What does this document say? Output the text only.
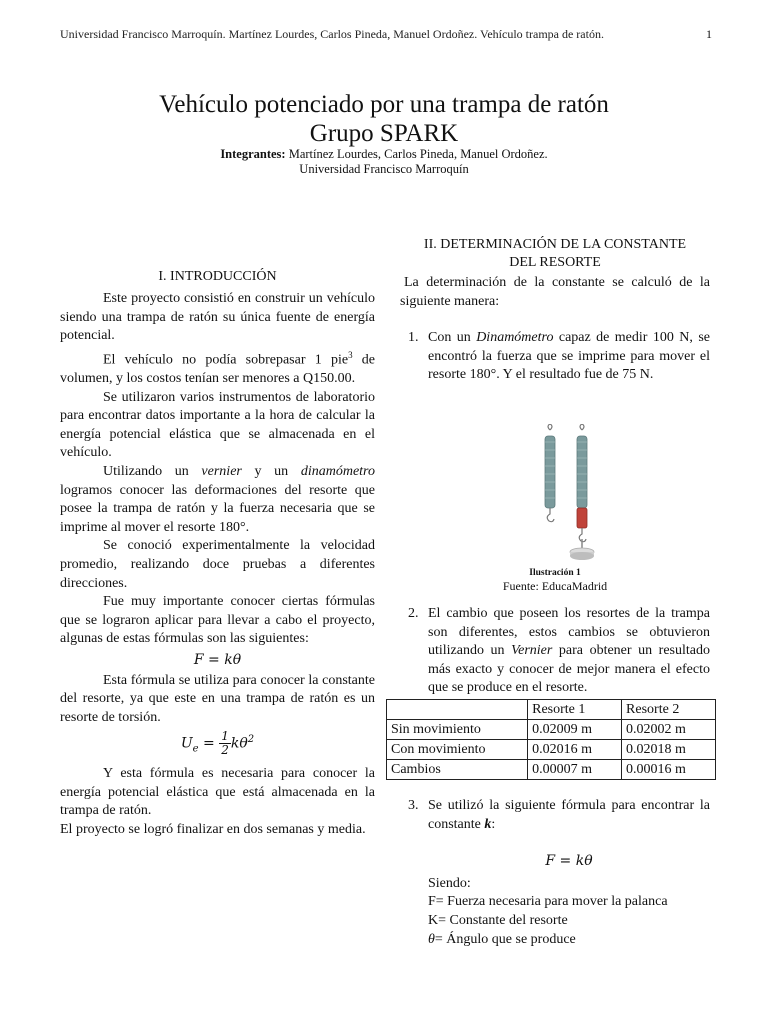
Universidad Francisco Marroquín. Martínez Lourdes, Carlos Pineda, Manuel Ordoñez. Vehículo trampa de ratón.	1
Vehículo potenciado por una trampa de ratón
Grupo SPARK
Integrantes: Martínez Lourdes, Carlos Pineda, Manuel Ordoñez.
Universidad Francisco Marroquín
I. INTRODUCCIÓN

Este proyecto consistió en construir un vehículo siendo una trampa de ratón su única fuente de energía potencial.

El vehículo no podía sobrepasar 1 pie$^3$ de volumen, y los costos tenían ser menores a Q150.00.

Se utilizaron varios instrumentos de laboratorio para encontrar datos importante a la hora de calcular la energía potencial elástica que se almacenada en el vehículo.

Utilizando un vernier y un dinamómetro logramos conocer las deformaciones del resorte que posee la trampa de ratón y la fuerza necesaria que se imprime al mover el resorte 180°.

Se conoció experimentalmente la velocidad promedio, realizando doce pruebas a diferentes direcciones.

Fue muy importante conocer ciertas fórmulas que se lograron aplicar para llevar a cabo el proyecto, algunas de estas fórmulas son las siguientes:

F = kθ

Esta fórmula se utiliza para conocer la constante del resorte, ya que este en una trampa de ratón es un resorte de torsión.

$U_e = \frac{1}{2} k\theta^2$

Y esta fórmula es necesaria para conocer la energía potencial elástica que está almacenada en la trampa de ratón.

El proyecto se logró finalizar en dos semanas y media.

II. DETERMINACIÓN DE LA CONSTANTE
DEL RESORTE

La determinación de la constante se calculó de la siguiente manera:

1. Con un Dinamómetro capaz de medir 100 N, se encontró la fuerza que se imprime para mover el resorte 180°. Y el resultado fue de 75 N.
Ilustración 1
Fuente: EducaMadrid
2. El cambio que poseen los resortes de la trampa son diferentes, estos cambios se obtuvieron utilizando un Vernier para obtener un resultado más exacto y conocer de mejor manera el efecto que se produce en el resorte.
	Resorte 1	Resorte 2
Sin movimiento	0.02009 m	0.02002 m
Con movimiento	0.02016 m	0.02018 m
Cambios	0.00007 m	0.00016 m
3. Se utilizó la siguiente fórmula para encontrar la constante k:
F = kθ
Siendo:
F= Fuerza necesaria para mover la palanca
K= Constante del resorte
θ= Ángulo que se produce
